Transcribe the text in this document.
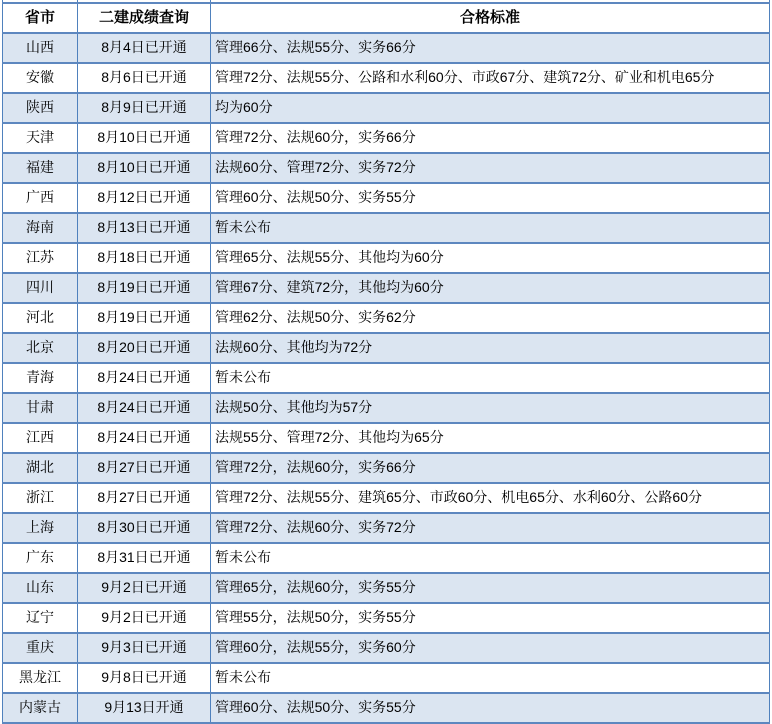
省市	二建成绩查询	合格标准
山西	8月4日已开通	管理66分、法规55分、实务66分
安徽	8月6日已开通	管理72分、法规55分、公路和水利60分、市政67分、建筑72分、矿业和机电65分
陕西	8月9日已开通	均为60分
天津	8月10日已开通	管理72分、法规60分，实务66分
福建	8月10日已开通	法规60分、管理72分、实务72分
广西	8月12日已开通	管理60分、法规50分、实务55分
海南	8月13日已开通	暂未公布
江苏	8月18日已开通	管理65分、法规55分、其他均为60分
四川	8月19日已开通	管理67分、建筑72分，其他均为60分
河北	8月19日已开通	管理62分、法规50分、实务62分
北京	8月20日已开通	法规60分、其他均为72分
青海	8月24日已开通	暂未公布
甘肃	8月24日已开通	法规50分、其他均为57分
江西	8月24日已开通	法规55分、管理72分、其他均为65分
湖北	8月27日已开通	管理72分，法规60分，实务66分
浙江	8月27日已开通	管理72分、法规55分、建筑65分、市政60分、机电65分、水利60分、公路60分
上海	8月30日已开通	管理72分、法规60分、实务72分
广东	8月31日已开通	暂未公布
山东	9月2日已开通	管理65分，法规60分，实务55分
辽宁	9月2日已开通	管理55分，法规50分，实务55分
重庆	9月3日已开通	管理60分，法规55分，实务60分
黑龙江	9月8日已开通	暂未公布
内蒙古	9月13日开通	管理60分、法规50分、实务55分
